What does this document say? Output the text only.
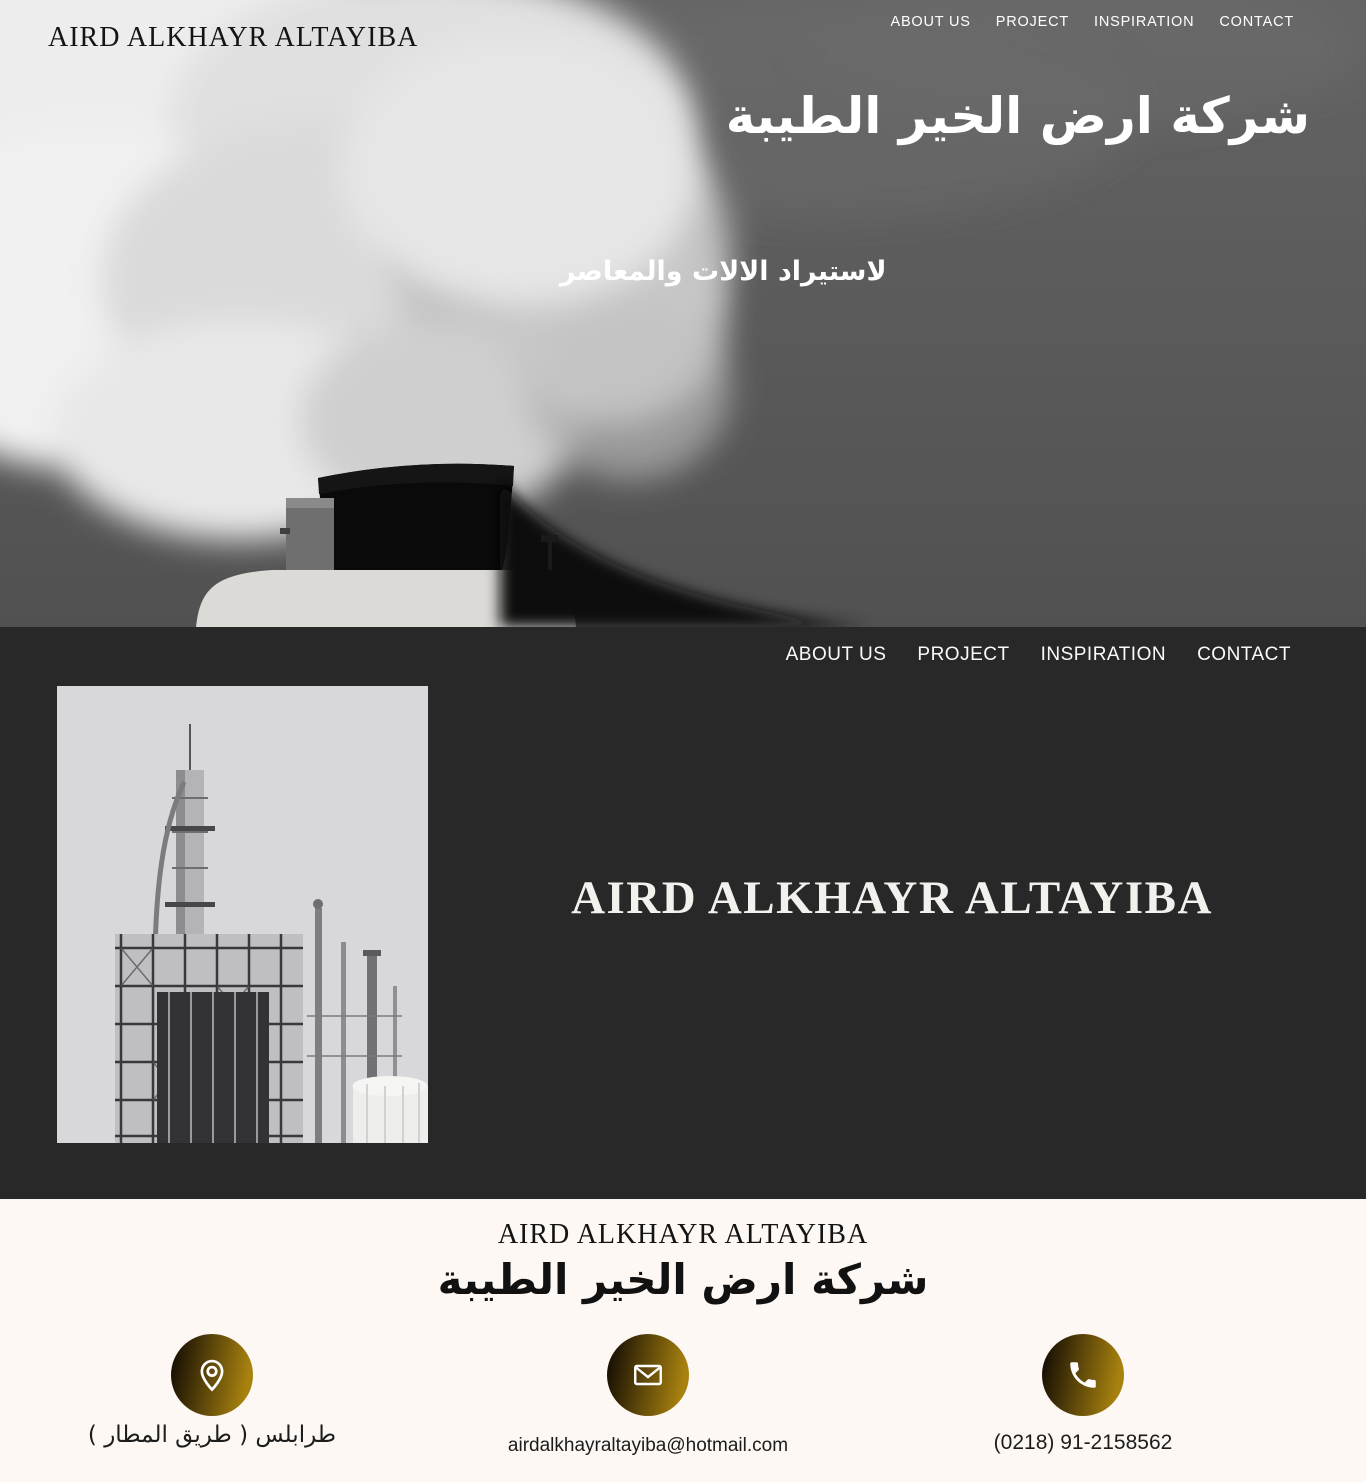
AIRD ALKHAYR ALTAYIBA	ABOUT US PROJECT INSPIRATION CONTACT
شركة ارض الخير الطيبة
لاستيراد الالات والمعاصر
ABOUT US PROJECT INSPIRATION CONTACT
AIRD ALKHAYR ALTAYIBA
AIRD ALKHAYR ALTAYIBA
شركة ارض الخير الطيبة
طرابلس ( طريق المطار )	airdalkhayraltayiba@hotmail.com	(0218) 91-2158562
